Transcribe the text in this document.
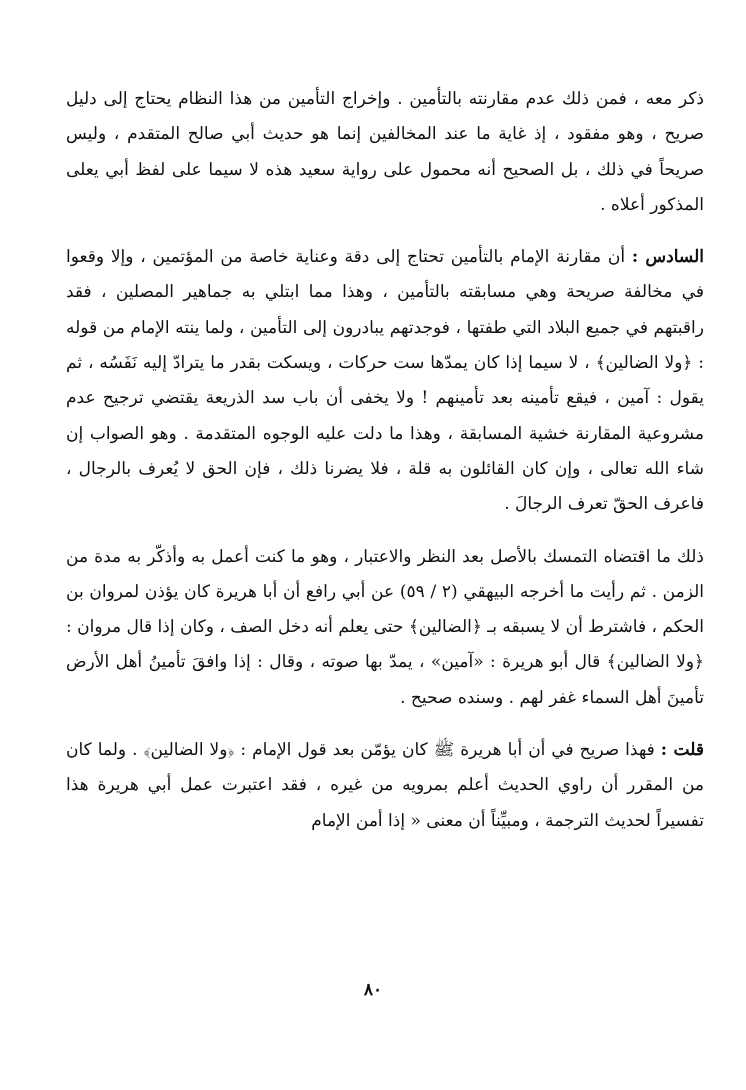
ذكر معه ، فمن ذلك عدم مقارنته بالتأمين . وإخراج التأمين من هذا النظام يحتاج إلى دليل صريح ، وهو مفقود ، إذ غاية ما عند المخالفين إنما هو حديث أبي صالح المتقدم ، وليس صريحاً في ذلك ، بل الصحيح أنه محمول على رواية سعيد هذه لا سيما على لفظ أبي يعلى المذكور أعلاه .

السادس : أن مقارنة الإمام بالتأمين تحتاج إلى دقة وعناية خاصة من المؤتمين ، وإلا وقعوا في مخالفة صريحة وهي مسابقته بالتأمين ، وهذا مما ابتلي به جماهير المصلين ، فقد راقبتهم في جميع البلاد التي طفتها ، فوجدتهم يبادرون إلى التأمين ، ولما ينته الإمام من قوله : ﴿ولا الضالين﴾ ، لا سيما إذا كان يمدّها ست حركات ، ويسكت بقدر ما يترادّ إليه نَفَسُه ، ثم يقول : آمين ، فيقع تأمينه بعد تأمينهم ! ولا يخفى أن باب سد الذريعة يقتضي ترجيح عدم مشروعية المقارنة خشية المسابقة ، وهذا ما دلت عليه الوجوه المتقدمة . وهو الصواب إن شاء الله تعالى ، وإن كان القائلون به قلة ، فلا يضرنا ذلك ، فإن الحق لا يُعرف بالرجال ، فاعرف الحقّ تعرف الرجالَ .

ذلك ما اقتضاه التمسك بالأصل بعد النظر والاعتبار ، وهو ما كنت أعمل به وأذكّر به مدة من الزمن . ثم رأيت ما أخرجه البيهقي (٢ / ٥٩) عن أبي رافع أن أبا هريرة كان يؤذن لمروان بن الحكم ، فاشترط أن لا يسبقه بـ ﴿الضالين﴾ حتى يعلم أنه دخل الصف ، وكان إذا قال مروان : ﴿ولا الضالين﴾ قال أبو هريرة : «آمين» ، يمدّ بها صوته ، وقال : إذا وافقَ تأمينُ أهل الأرض تأمينَ أهل السماء غفر لهم . وسنده صحيح .

قلت : فهذا صريح في أن أبا هريرة ﷺ كان يؤمّن بعد قول الإمام : ﴿ولا الضالين﴾ . ولما كان من المقرر أن راوي الحديث أعلم بمرويه من غيره ، فقد اعتبرت عمل أبي هريرة هذا تفسيراً لحديث الترجمة ، ومبيِّناً أن معنى « إذا أمن الإمام

٨٠
